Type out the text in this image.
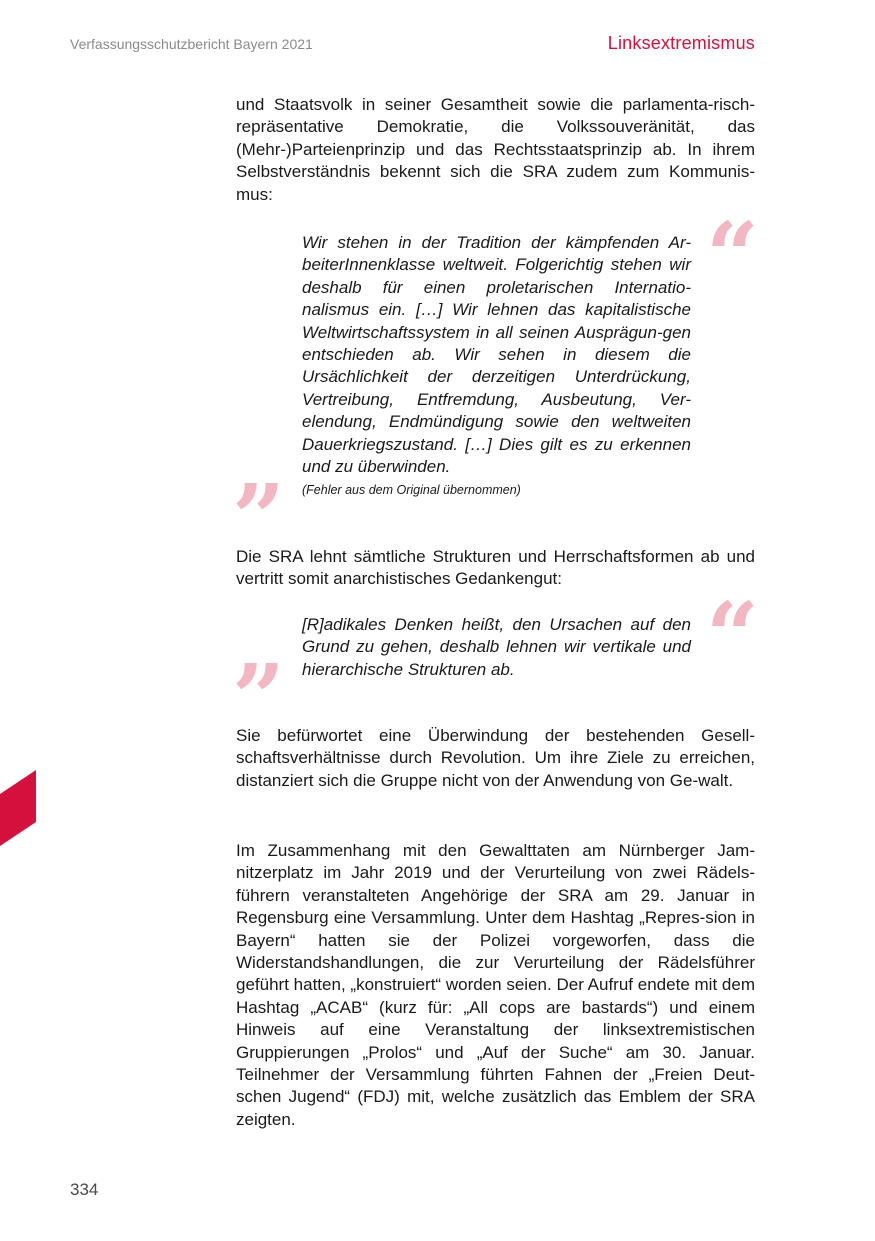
Verfassungsschutzbericht Bayern 2021	Linksextremismus

und Staatsvolk in seiner Gesamtheit sowie die parlamenta-risch-repräsentative Demokratie, die Volkssouveränität, das (Mehr-)Parteienprinzip und das Rechtsstaatsprinzip ab. In ihrem Selbstverständnis bekennt sich die SRA zudem zum Kommunis-mus:

“

Wir stehen in der Tradition der kämpfenden Ar-beiterInnenklasse weltweit. Folgerichtig stehen wir deshalb für einen proletarischen Internatio-nalismus ein. […] Wir lehnen das kapitalistische Weltwirtschaftssystem in all seinen Ausprägun-gen entschieden ab. Wir sehen in diesem die Ursächlichkeit der derzeitigen Unterdrückung, Vertreibung, Entfremdung, Ausbeutung, Ver-elendung, Endmündigung sowie den weltweiten Dauerkriegszustand. […] Dies gilt es zu erkennen und zu überwinden.

” (Fehler aus dem Original übernommen)

Die SRA lehnt sämtliche Strukturen und Herrschaftsformen ab und vertritt somit anarchistisches Gedankengut:

“

[R]adikales Denken heißt, den Ursachen auf den Grund zu gehen, deshalb lehnen wir vertikale und hierarchische Strukturen ab.

”

Sie befürwortet eine Überwindung der bestehenden Gesell-schaftsverhältnisse durch Revolution. Um ihre Ziele zu erreichen, distanziert sich die Gruppe nicht von der Anwendung von Ge-walt.

Im Zusammenhang mit den Gewalttaten am Nürnberger Jam-nitzerplatz im Jahr 2019 und der Verurteilung von zwei Rädels-führern veranstalteten Angehörige der SRA am 29. Januar in Regensburg eine Versammlung. Unter dem Hashtag „Repres-sion in Bayern“ hatten sie der Polizei vorgeworfen, dass die Widerstandshandlungen, die zur Verurteilung der Rädelsführer geführt hatten, „konstruiert“ worden seien. Der Aufruf endete mit dem Hashtag „ACAB“ (kurz für: „All cops are bastards“) und einem Hinweis auf eine Veranstaltung der linksextremistischen Gruppierungen „Prolos“ und „Auf der Suche“ am 30. Januar. Teilnehmer der Versammlung führten Fahnen der „Freien Deut-schen Jugend“ (FDJ) mit, welche zusätzlich das Emblem der SRA zeigten.

334
